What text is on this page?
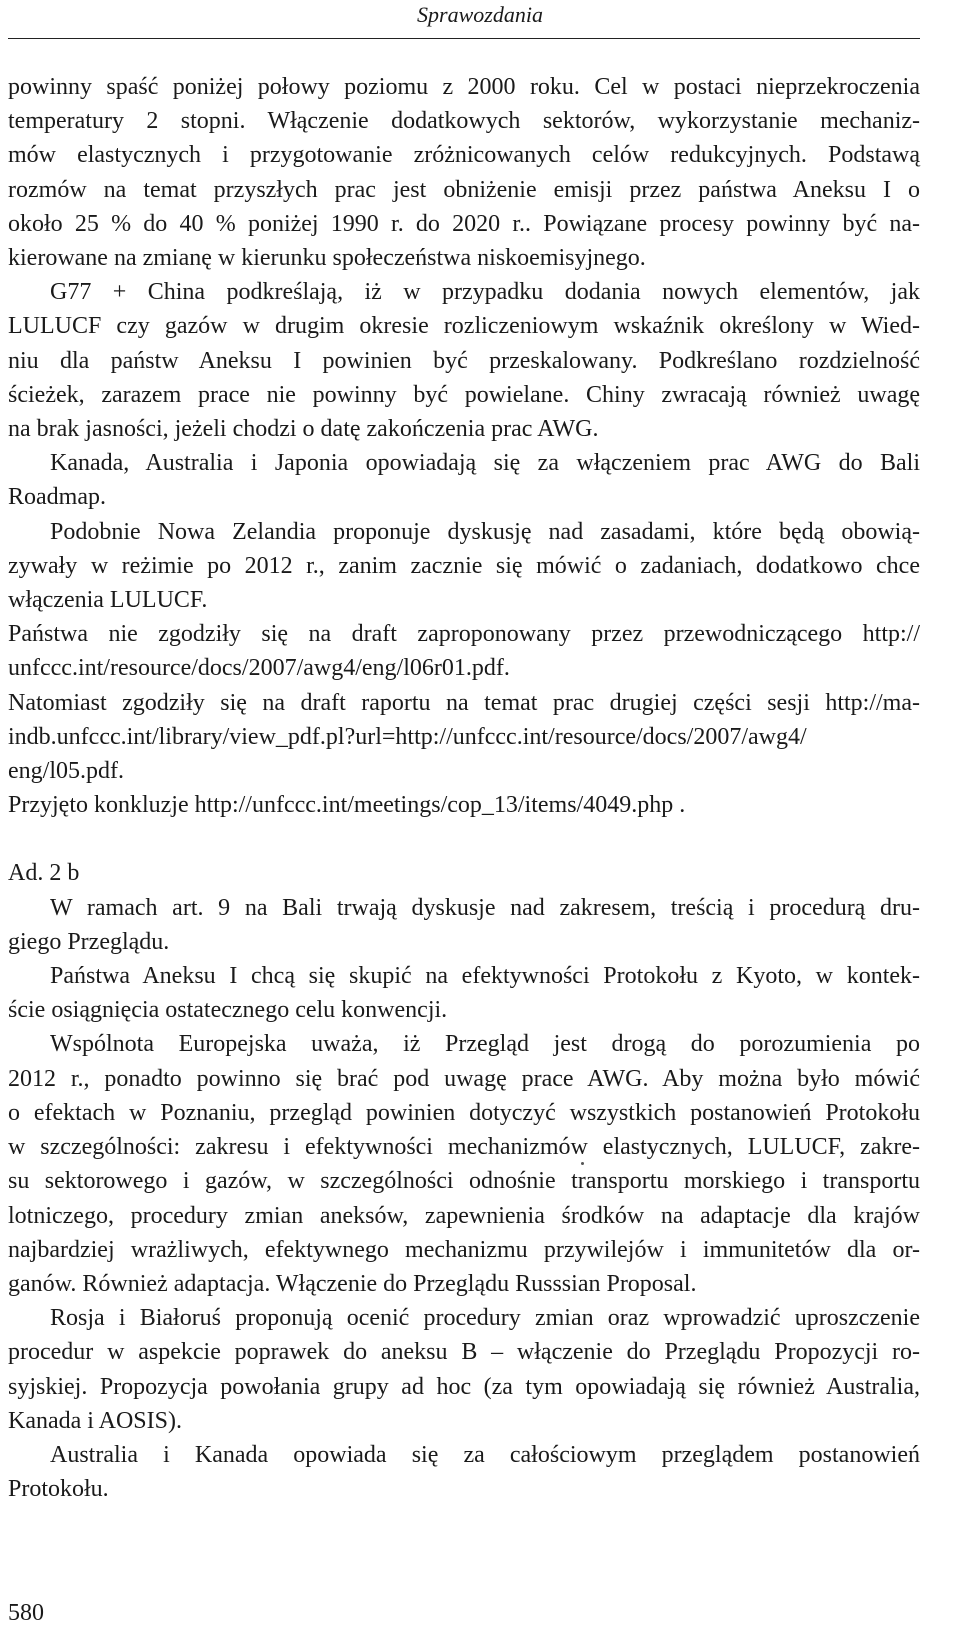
Sprawozdania

powinny spaść poniżej połowy poziomu z 2000 roku. Cel w postaci nieprzekroczenia

temperatury 2 stopni. Włączenie dodatkowych sektorów, wykorzystanie mechaniz-

mów elastycznych i przygotowanie zróżnicowanych celów redukcyjnych. Podstawą

rozmów na temat przyszłych prac jest obniżenie emisji przez państwa Aneksu I o

około 25 % do 40 % poniżej 1990 r. do 2020 r.. Powiązane procesy powinny być na-

kierowane na zmianę w kierunku społeczeństwa niskoemisyjnego.

G77 + China podkreślają, iż w przypadku dodania nowych elementów, jak

LULUCF czy gazów w drugim okresie rozliczeniowym wskaźnik określony w Wied-

niu dla państw Aneksu I powinien być przeskalowany. Podkreślano rozdzielność

ścieżek, zarazem prace nie powinny być powielane. Chiny zwracają również uwagę

na brak jasności, jeżeli chodzi o datę zakończenia prac AWG.

Kanada, Australia i Japonia opowiadają się za włączeniem prac AWG do Bali

Roadmap.

Podobnie Nowa Zelandia proponuje dyskusję nad zasadami, które będą obowią-

zywały w reżimie po 2012 r., zanim zacznie się mówić o zadaniach, dodatkowo chce

włączenia LULUCF.

Państwa nie zgodziły się na draft zaproponowany przez przewodniczącego http://

unfccc.int/resource/docs/2007/awg4/eng/l06r01.pdf.

Natomiast zgodziły się na draft raportu na temat prac drugiej części sesji http://ma-

indb.unfccc.int/library/view_pdf.pl?url=http://unfccc.int/resource/docs/2007/awg4/

eng/l05.pdf.

Przyjęto konkluzje http://unfccc.int/meetings/cop_13/items/4049.php .

Ad. 2 b

W ramach art. 9 na Bali trwają dyskusje nad zakresem, treścią i procedurą dru-

giego Przeglądu.

Państwa Aneksu I chcą się skupić na efektywności Protokołu z Kyoto, w kontek-

ście osiągnięcia ostatecznego celu konwencji.

Wspólnota Europejska uważa, iż Przegląd jest drogą do porozumienia po

2012 r., ponadto powinno się brać pod uwagę prace AWG. Aby można było mówić

o efektach w Poznaniu, przegląd powinien dotyczyć wszystkich postanowień Protokołu

w szczególności: zakresu i efektywności mechanizmów elastycznych, LULUCF, zakre-

su sektorowego i gazów, w szczególności odnośnie transportu morskiego i transportu

lotniczego, procedury zmian aneksów, zapewnienia środków na adaptacje dla krajów

najbardziej wrażliwych, efektywnego mechanizmu przywilejów i immunitetów dla or-

ganów. Również adaptacja. Włączenie do Przeglądu Russsian Proposal.

Rosja i Białoruś proponują ocenić procedury zmian oraz wprowadzić uproszczenie

procedur w aspekcie poprawek do aneksu B – włączenie do Przeglądu Propozycji ro-

syjskiej. Propozycja powołania grupy ad hoc (za tym opowiadają się również Australia,

Kanada i AOSIS).

Australia i Kanada opowiada się za całościowym przeglądem postanowień

Protokołu.

580
